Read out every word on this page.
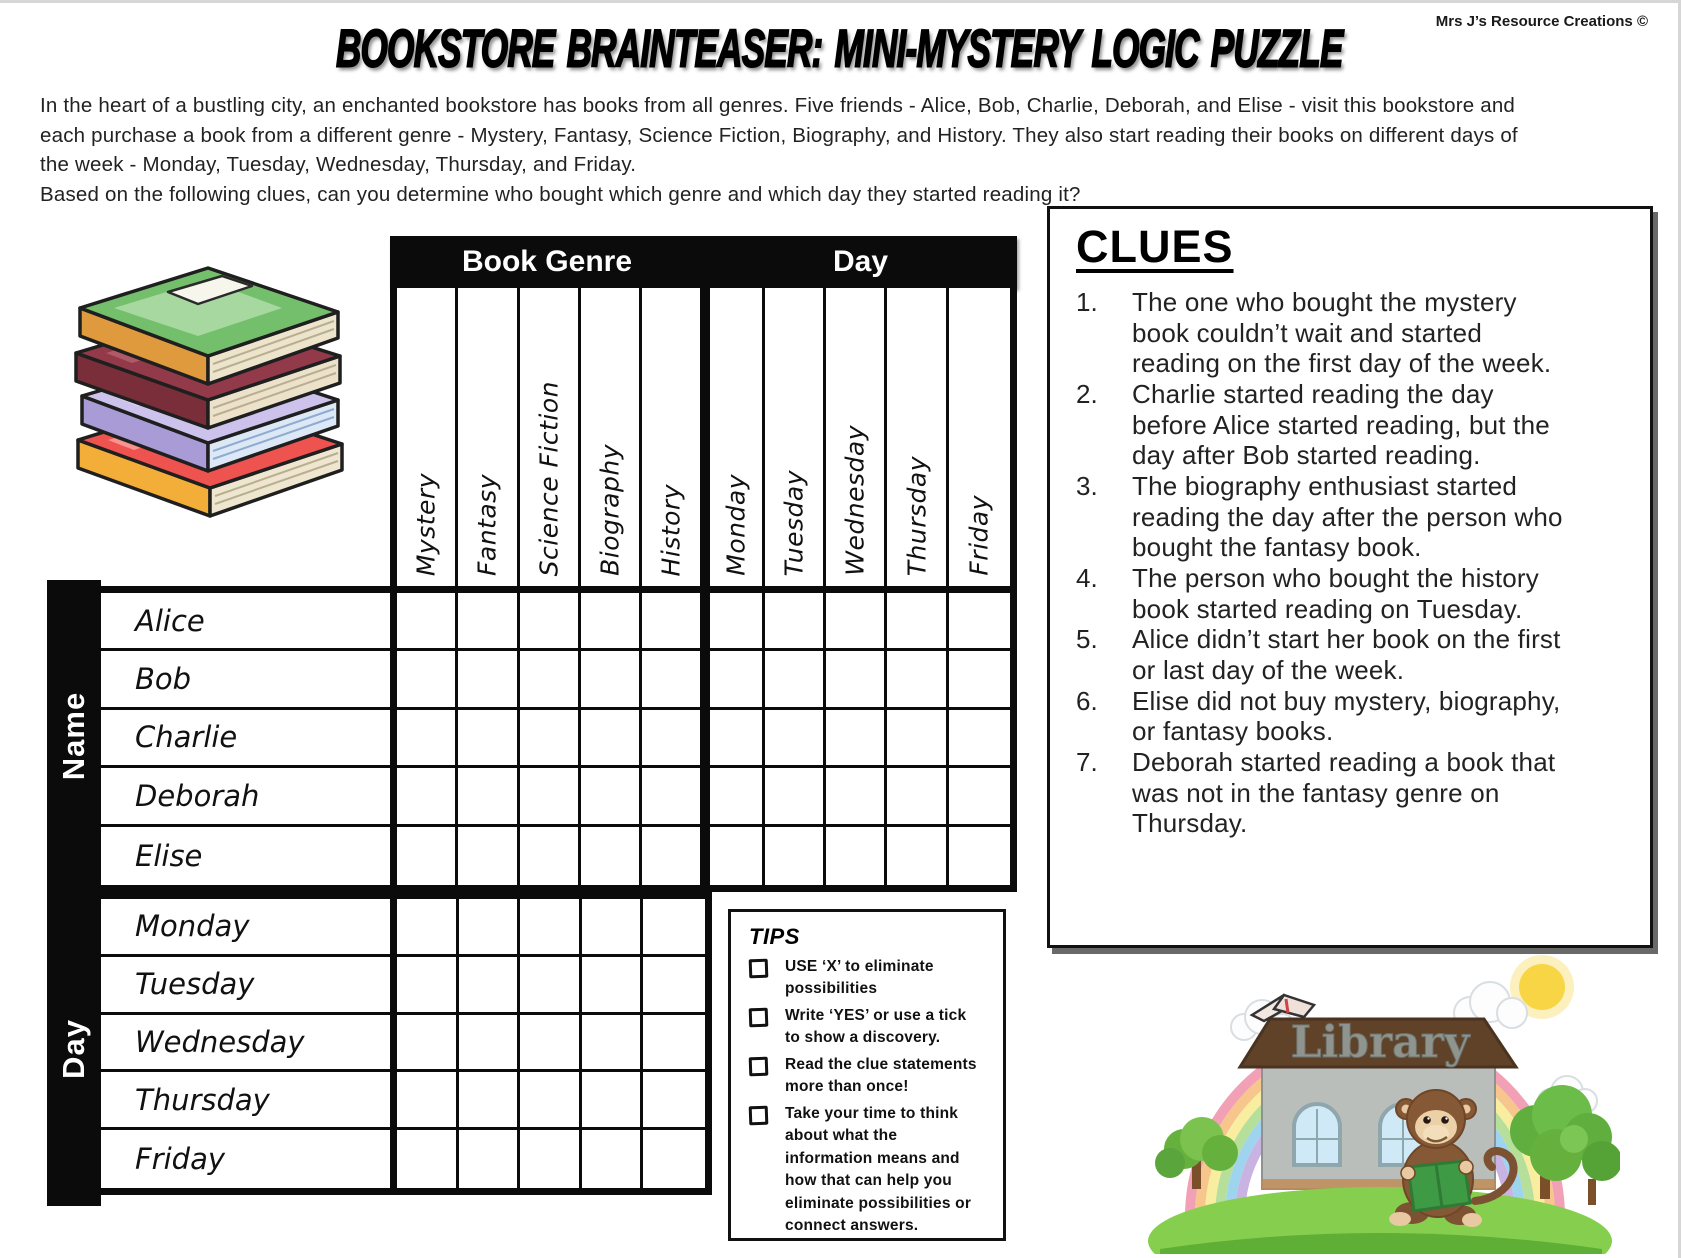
Mrs J’s Resource Creations ©
BOOKSTORE BRAINTEASER: MINI-MYSTERY LOGIC PUZZLE
In the heart of a bustling city, an enchanted bookstore has books from all genres. Five friends - Alice, Bob, Charlie, Deborah, and Elise - visit this bookstore and each purchase a book from a different genre - Mystery, Fantasy, Science Fiction, Biography, and History. They also start reading their books on different days of the week - Monday, Tuesday, Wednesday, Thursday, and Friday.
Based on the following clues, can you determine who bought which genre and which day they started reading it?
Book Genre	Day
Mystery Fantasy Science Fiction Biography History Monday Tuesday Wednesday Thursday Friday
Name
Alice
Bob
Charlie
Deborah
Elise
Day
Monday
Tuesday
Wednesday
Thursday
Friday
TIPS
USE ‘X’ to eliminate possibilities
Write ‘YES’ or use a tick to show a discovery.
Read the clue statements more than once!
Take your time to think about what the information means and how that can help you eliminate possibilities or connect answers.
CLUES
1.	The one who bought the mystery book couldn’t wait and started reading on the first day of the week.
2.	Charlie started reading the day before Alice started reading, but the day after Bob started reading.
3.	The biography enthusiast started reading the day after the person who bought the fantasy book.
4.	The person who bought the history book started reading on Tuesday.
5.	Alice didn’t start her book on the first or last day of the week.
6.	Elise did not buy mystery, biography, or fantasy books.
7.	Deborah started reading a book that was not in the fantasy genre on Thursday.
Library
